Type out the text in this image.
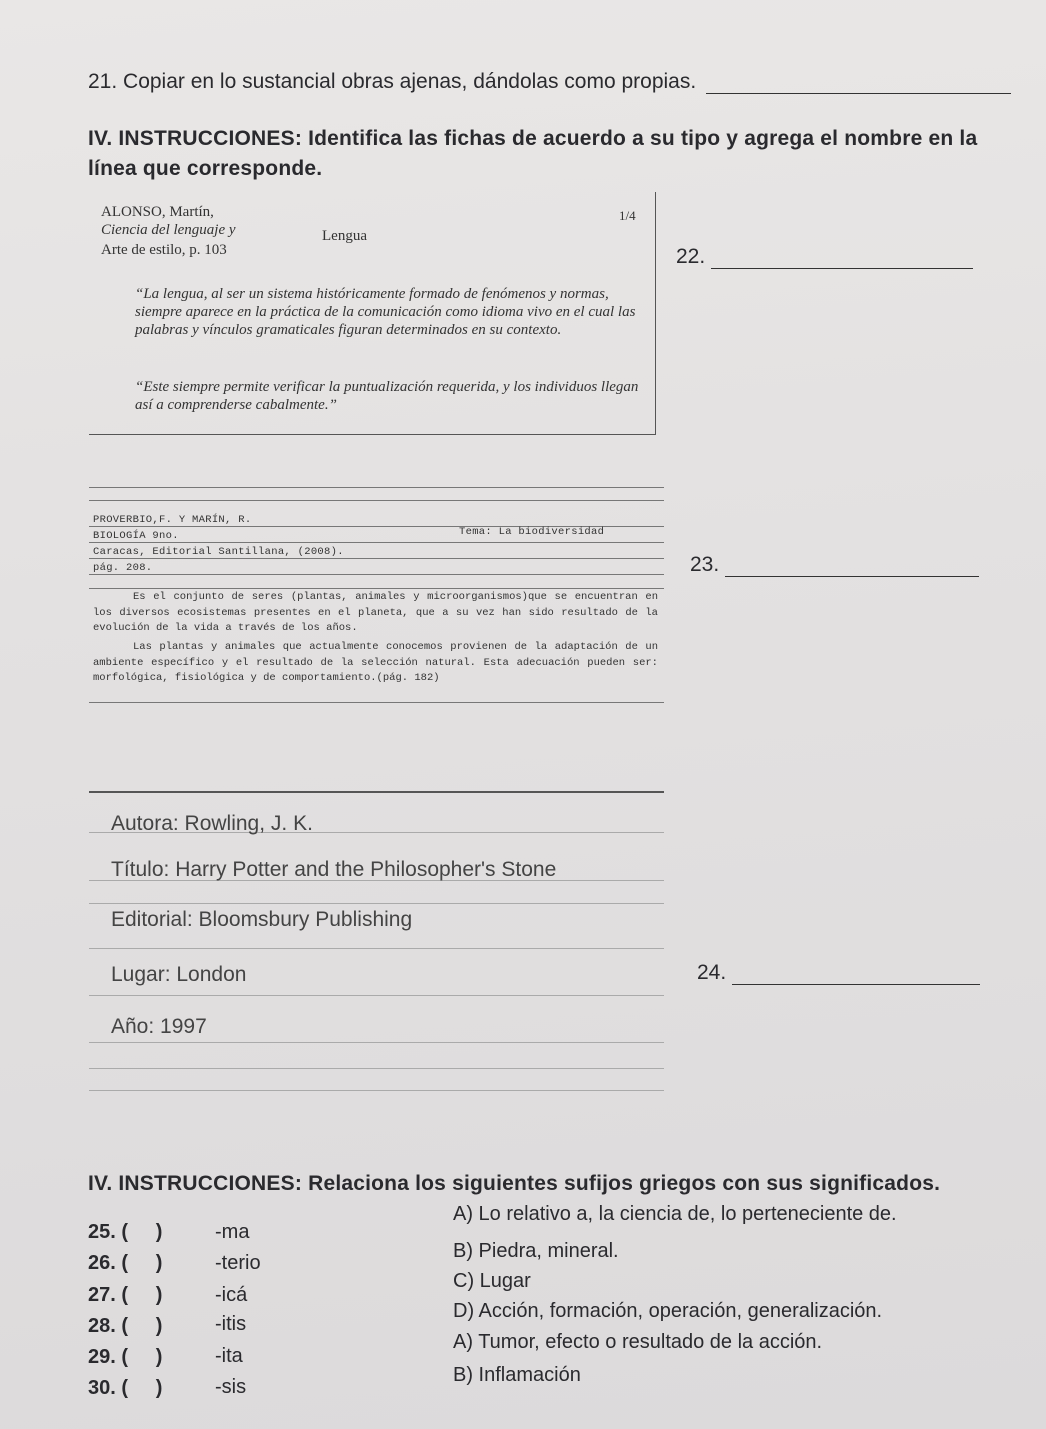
21. Copiar en lo sustancial obras ajenas, dándolas como propias.
IV. INSTRUCCIONES: Identifica las fichas de acuerdo a su tipo y agrega el nombre en la línea que corresponde.
ALONSO, Martín,	1/4
Ciencia del lenguaje y	Lengua
Arte de estilo, p. 103
“La lengua, al ser un sistema históricamente formado de fenómenos y normas, siempre aparece en la práctica de la comunicación como idioma vivo en el cual las palabras y vínculos gramaticales figuran determinados en su contexto.
“Este siempre permite verificar la puntualización requerida, y los individuos llegan así a comprenderse cabalmente.”
22.
PROVERBIO,F. Y MARÍN, R.
BIOLOGÍA 9no.	Tema: La biodiversidad
Caracas, Editorial Santillana, (2008).
pág. 208.
Es el conjunto de seres (plantas, animales y microorganismos)que se encuentran en los diversos ecosistemas presentes en el planeta, que a su vez han sido resultado de la evolución de la vida a través de los años.
Las plantas y animales que actualmente conocemos provienen de la adaptación de un ambiente específico y el resultado de la selección natural. Esta adecuación pueden ser: morfológica, fisiológica y de comportamiento.(pág. 182)
23.
Autora: Rowling, J. K.
Título: Harry Potter and the Philosopher's Stone
Editorial: Bloomsbury Publishing
Lugar: London
Año: 1997
24.
IV. INSTRUCCIONES: Relaciona los siguientes sufijos griegos con sus significados.
25. (     )	-ma
A) Lo relativo a, la ciencia de, lo perteneciente de.
26. (     )	-terio
B) Piedra, mineral.
27. (     )	-icá
C) Lugar
28. (     )	-itis
D) Acción, formación, operación, generalización.
29. (     )	-ita
A) Tumor, efecto o resultado de la acción.
30. (     )	-sis
B) Inflamación
